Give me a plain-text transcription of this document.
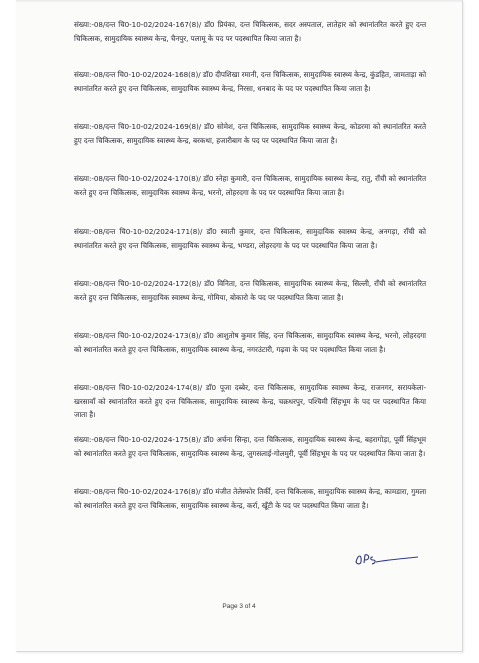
संख्या:-08/दन्त चि0-10-02/2024-167(8)/ डॉ0 प्रियंका, दन्त चिकित्सक, सदर अस्पताल, लातेहार को स्थानांतरित करते हुए दन्त चिकित्सक, सामुदायिक स्वास्थ्य केन्द्र, चैनपुर, पलामू के पद पर पदस्थापित किया जाता है।
संख्या:-08/दन्त चि0-10-02/2024-168(8)/ डॉ0 दीपशिखा रमानी, दन्त चिकित्सक, सामुदायिक स्वास्थ्य केन्द्र, कुंडहित, जामताड़ा को स्थानांतरित करते हुए दन्त चिकित्सक, सामुदायिक स्वास्थ्य केन्द्र, निरसा, धनबाद के पद पर पदस्थापित किया जाता है।
संख्या:-08/दन्त चि0-10-02/2024-169(8)/ डॉ0 सोमेश, दन्त चिकित्सक, सामुदायिक स्वास्थ्य केन्द्र, कोडरमा को स्थानांतरित करते हुए दन्त चिकित्सक, सामुदायिक स्वास्थ्य केन्द्र, बरकथा, हजारीबाग के पद पर पदस्थापित किया जाता है।
संख्या:-08/दन्त चि0-10-02/2024-170(8)/ डॉ0 स्नेहा कुमारी, दन्त चिकित्सक, सामुदायिक स्वास्थ्य केन्द्र, रातु, राँची को स्थानांतरित करते हुए दन्त चिकित्सक, सामुदायिक स्वास्थ्य केन्द्र, भरनो, लोहरदगा के पद पर पदस्थापित किया जाता है।
संख्या:-08/दन्त चि0-10-02/2024-171(8)/ डॉ0 स्वाती कुमार, दन्त चिकित्सक, सामुदायिक स्वास्थ्य केन्द्र, अनगड़ा, राँची को स्थानांतरित करते हुए दन्त चिकित्सक, सामुदायिक स्वास्थ्य केन्द्र, भण्डरा, लोहरदगा के पद पर पदस्थापित किया जाता है।
संख्या:-08/दन्त चि0-10-02/2024-172(8)/ डॉ0 विनिता, दन्त चिकित्सक, सामुदायिक स्वास्थ्य केन्द्र, सिल्ली, राँची को स्थानांतरित करते हुए दन्त चिकित्सक, सामुदायिक स्वास्थ्य केन्द्र, गोमिया, बोकारो के पद पर पदस्थापित किया जाता है।
संख्या:-08/दन्त चि0-10-02/2024-173(8)/ डॉ0 आशुतोष कुमार सिंह, दन्त चिकित्सक, सामुदायिक स्वास्थ्य केन्द्र, भरनो, लोहरदगा को स्थानांतरित करते हुए दन्त चिकित्सक, सामुदायिक स्वास्थ्य केन्द्र, नगरउंटारी, गढ़वा के पद पर पदस्थापित किया जाता है।
संख्या:-08/दन्त चि0-10-02/2024-174(8)/ डॉ0 पूजा दब्बेर, दन्त चिकित्सक, सामुदायिक स्वास्थ्य केन्द्र, राजनगर, सरायकेला-खरसावाँ को स्थानांतरित करते हुए दन्त चिकित्सक, सामुदायिक स्वास्थ्य केन्द्र, चक्रधरपुर, पश्चिमी सिंहभूम के पद पर पदस्थापित किया जाता है।
संख्या:-08/दन्त चि0-10-02/2024-175(8)/ डॉ0 अर्चना सिन्हा, दन्त चिकित्सक, सामुदायिक स्वास्थ्य केन्द्र, बहरागोड़ा, पूर्वी सिंहभूम को स्थानांतरित करते हुए दन्त चिकित्सक, सामुदायिक स्वास्थ्य केन्द्र, जुगसलाई-गोलमुरी, पूर्वी सिंहभूम के पद पर पदस्थापित किया जाता है।
संख्या:-08/दन्त चि0-10-02/2024-176(8)/ डॉ0 मंजीत तेलेस्फोर तिर्की, दन्त चिकित्सक, सामुदायिक स्वास्थ्य केन्द्र, कामडारा, गुमला को स्थानांतरित करते हुए दन्त चिकित्सक, सामुदायिक स्वास्थ्य केन्द्र, कर्रा, खूँटी के पद पर पदस्थापित किया जाता है।
Page 3 of 4
